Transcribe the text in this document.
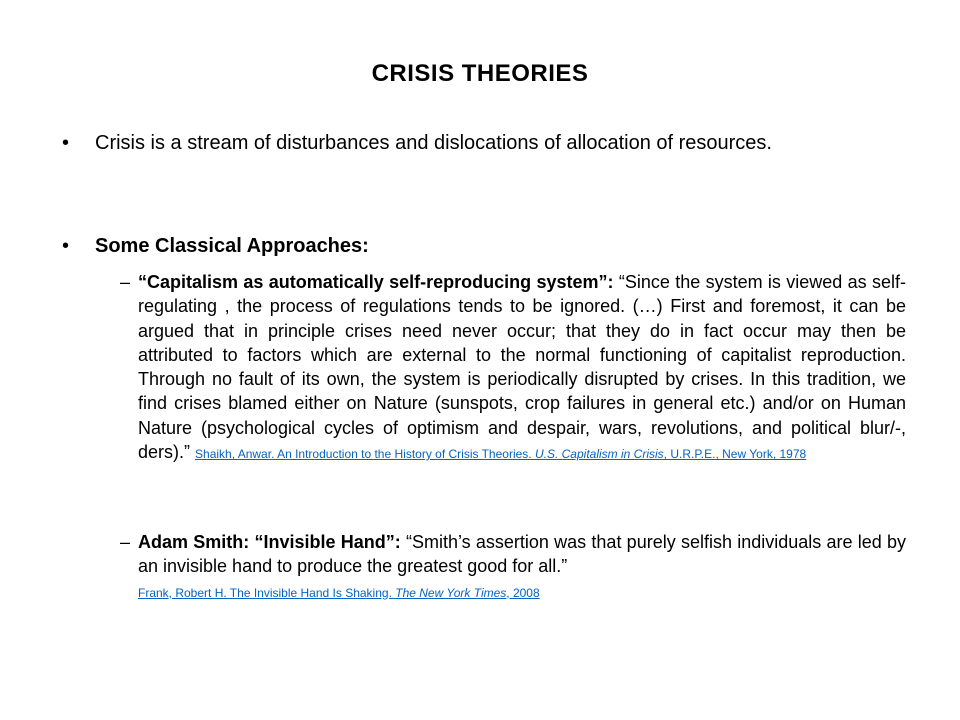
CRISIS THEORIES
• Crisis is a stream of disturbances and dislocations of allocation of resources.
• Some Classical Approaches:
– “Capitalism as automatically self-reproducing system”: “Since the system is viewed as self-regulating , the process of regulations tends to be ignored. (…) First and foremost, it can be argued that in principle crises need never occur; that they do in fact occur may then be attributed to factors which are external to the normal functioning of capitalist reproduction. Through no fault of its own, the system is periodically disrupted by crises. In this tradition, we find crises blamed either on Nature (sunspots, crop failures in general etc.) and/or on Human Nature (psychological cycles of optimism and despair, wars, revolutions, and political blur/-, ders).” Shaikh, Anwar. An Introduction to the History of Crisis Theories. U.S. Capitalism in Crisis, U.R.P.E., New York, 1978
– Adam Smith: “Invisible Hand”: “Smith’s assertion was that purely selfish individuals are led by an invisible hand to produce the greatest good for all.”
Frank, Robert H. The Invisible Hand Is Shaking. The New York Times, 2008
